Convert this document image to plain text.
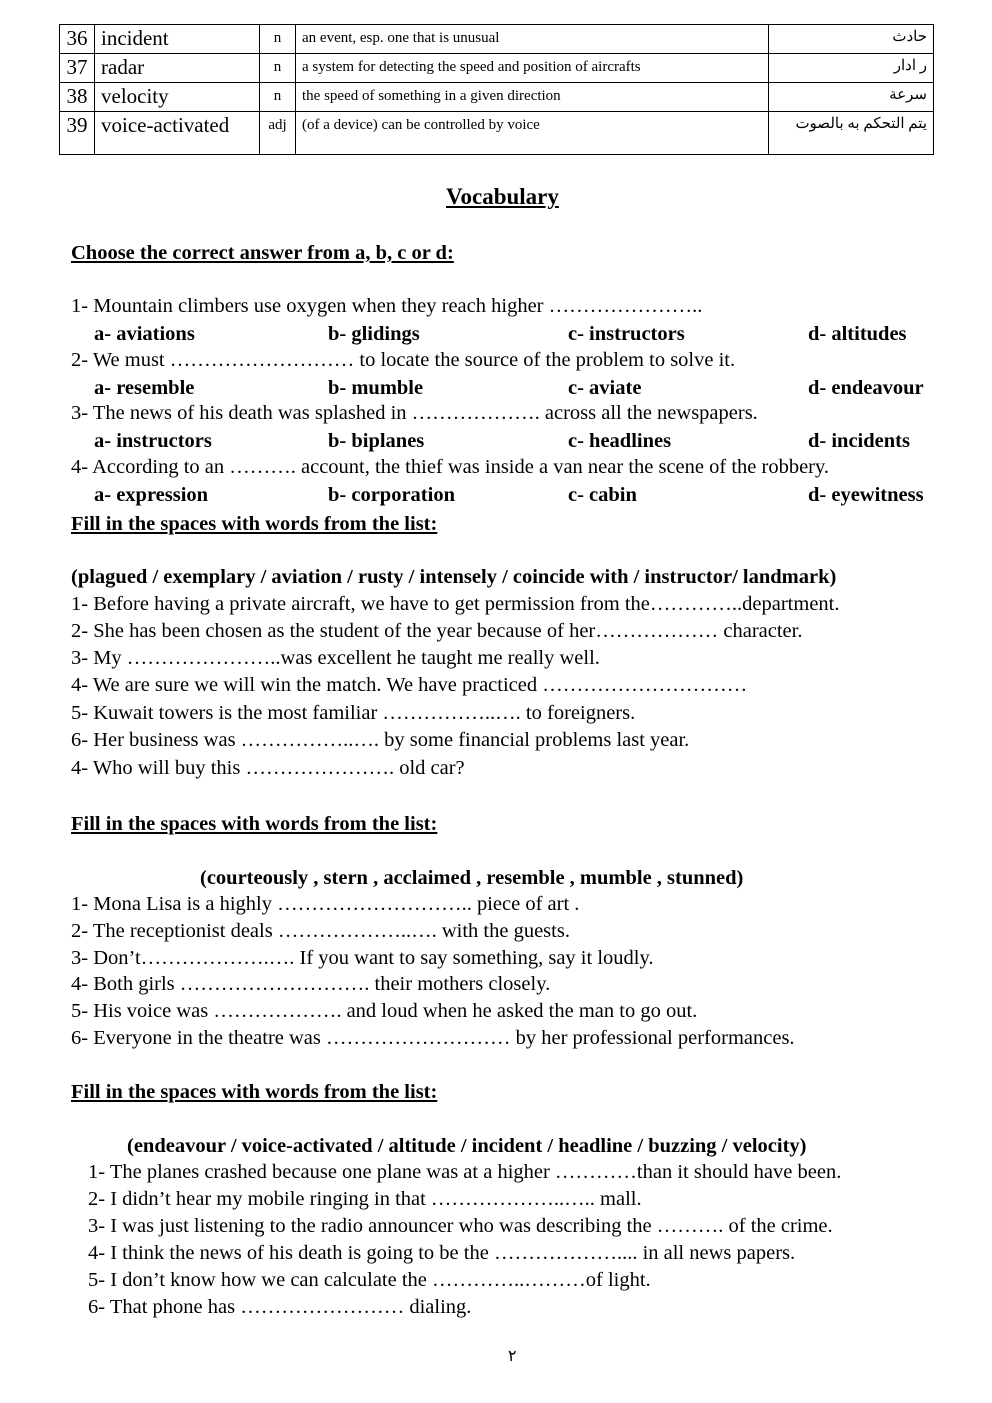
36	incident	n	an event, esp. one that is unusual	حادث
37	radar	n	a system for detecting the speed and position of aircrafts	ر ادار
38	velocity	n	the speed of something in a given direction	سرعة
39	voice-activated	adj	(of a device) can be controlled by voice	يتم التحكم به بالصوت
Vocabulary
Choose the correct answer from a, b, c or d:
1- Mountain climbers use oxygen when they reach higher …………………..
a- aviations	b- glidings	c- instructors	d- altitudes
2- We must ……………………… to locate the source of the problem to solve it.
a- resemble	b- mumble	c- aviate	d- endeavour
3- The news of his death was splashed in ………………. across all the newspapers.
a- instructors	b- biplanes	c- headlines	d- incidents
4- According to an ………. account, the thief was inside a van near the scene of the robbery.
a- expression	b- corporation	c- cabin	d- eyewitness
Fill in the spaces with words from the list:
(plagued / exemplary / aviation / rusty / intensely / coincide with / instructor/ landmark)
1- Before having a private aircraft, we have to get permission from the…………..department.
2- She has been chosen as the student of the year because of her……………… character.
3- My …………………..was excellent he taught me really well.
4- We are sure we will win the match. We have practiced …………………………
5- Kuwait towers is the most familiar ……………..…. to foreigners.
6- Her business was ……………..…. by some financial problems last year.
4- Who will buy this …………………. old car?
Fill in the spaces with words from the list:
(courteously , stern , acclaimed , resemble , mumble , stunned)
1- Mona Lisa is a highly ……………………….. piece of art .
2- The receptionist deals ………………..…. with the guests.
3- Don’t……………….…. If you want to say something, say it loudly.
4- Both girls ………………………. their mothers closely.
5- His voice was ………………. and loud when he asked the man to go out.
6- Everyone in the theatre was ……………………… by her professional performances.
Fill in the spaces with words from the list:
(endeavour / voice-activated / altitude / incident / headline / buzzing / velocity)
1- The planes crashed because one plane was at a higher …………than it should have been.
2- I didn’t hear my mobile ringing in that ………………..….. mall.
3- I was just listening to the radio announcer who was describing the ………. of the crime.
4- I think the news of his death is going to be the ……………….... in all news papers.
5- I don’t know how we can calculate the …………..………of light.
6- That phone has …………………… dialing.
٢
